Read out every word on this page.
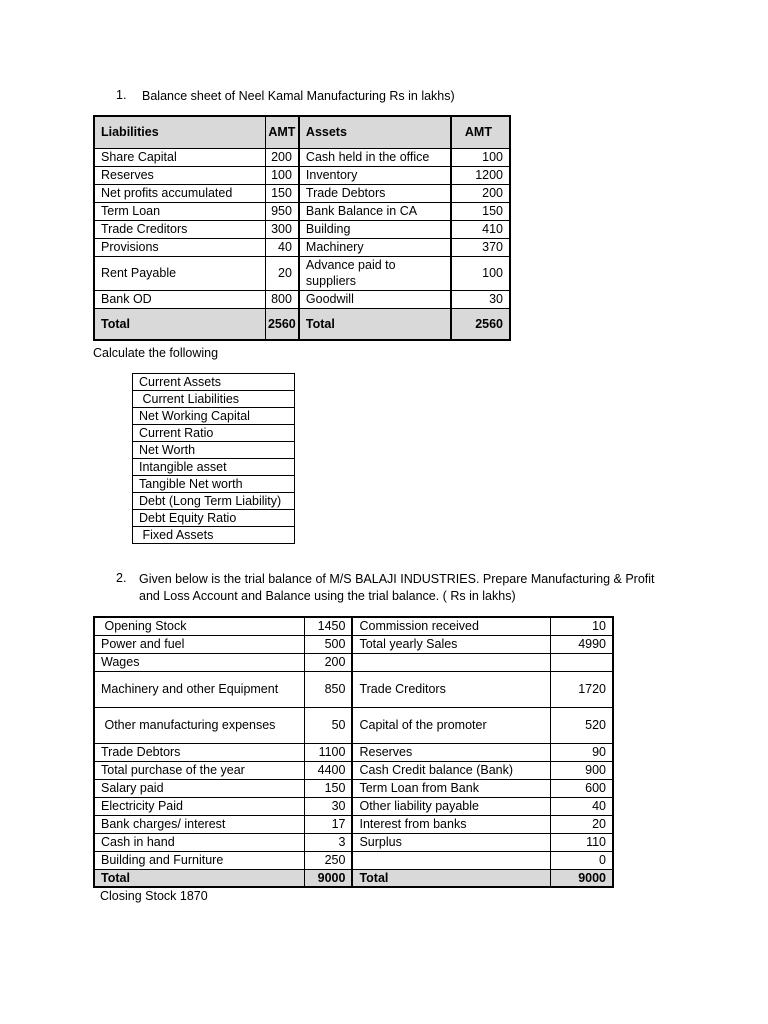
1. Balance sheet of Neel Kamal Manufacturing Rs in lakhs)
Liabilities	AMT	Assets	AMT
Share Capital	200	Cash held in the office	100
Reserves	100	Inventory	1200
Net profits accumulated	150	Trade Debtors	200
Term Loan	950	Bank Balance in CA	150
Trade Creditors	300	Building	410
Provisions	40	Machinery	370
Rent Payable	20	Advance paid to suppliers	100
Bank OD	800	Goodwill	30
Total	2560	Total	2560
Calculate the following
Current Assets
Current Liabilities
Net Working Capital
Current Ratio
Net Worth
Intangible asset
Tangible Net worth
Debt (Long Term Liability)
Debt Equity Ratio
Fixed Assets
2. Given below is the trial balance of M/S BALAJI INDUSTRIES. Prepare Manufacturing & Profit
and Loss Account and Balance using the trial balance. ( Rs in lakhs)
Opening Stock	1450	Commission received	10
Power and fuel	500	Total yearly Sales	4990
Wages	200		
Machinery and other Equipment	850	Trade Creditors	1720
Other manufacturing expenses	50	Capital of the promoter	520
Trade Debtors	1100	Reserves	90
Total purchase of the year	4400	Cash Credit balance (Bank)	900
Salary paid	150	Term Loan from Bank	600
Electricity Paid	30	Other liability payable	40
Bank charges/ interest	17	Interest from banks	20
Cash in hand	3	Surplus	110
Building and Furniture	250		0
Total	9000	Total	9000
Closing Stock 1870
